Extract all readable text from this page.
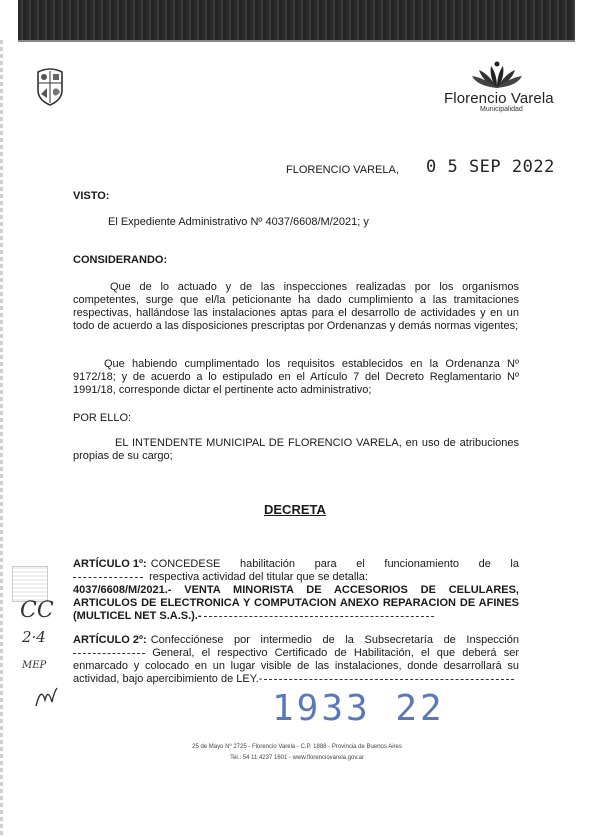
Florencio Varela
Municipalidad
FLORENCIO VARELA, 0 5 SEP 2022
VISTO:
El Expediente Administrativo Nº 4037/6608/M/2021; y
CONSIDERANDO:
Que de lo actuado y de las inspecciones realizadas por los organismos competentes, surge que el/la peticionante ha dado cumplimiento a las tramitaciones respectivas, hallándose las instalaciones aptas para el desarrollo de actividades y en un todo de acuerdo a las disposiciones prescriptas por Ordenanzas y demás normas vigentes;
Que habiendo cumplimentado los requisitos establecidos en la Ordenanza Nº 9172/18; y de acuerdo a lo estipulado en el Artículo 7 del Decreto Reglamentario Nº 1991/18, corresponde dictar el pertinente acto administrativo;
POR ELLO:
EL INTENDENTE MUNICIPAL DE FLORENCIO VARELA, en uso de atribuciones propias de su cargo;
DECRETA
ARTÍCULO 1º: CONCEDESE habilitación para el funcionamiento de la
respectiva actividad del titular que se detalla:
4037/6608/M/2021.- VENTA MINORISTA DE ACCESORIOS DE CELULARES, ARTICULOS DE ELECTRONICA Y COMPUTACION ANEXO REPARACION DE AFINES (MULTICEL NET S.A.S.).-
ARTÍCULO 2º: Confecciónese por intermedio de la Subsecretaría de Inspección
General, el respectivo Certificado de Habilitación, el que deberá ser enmarcado y colocado en un lugar visible de las instalaciones, donde desarrollará su actividad, bajo apercibimiento de LEY.-
1933 22
CC
2·4
MEP
25 de Mayo Nº 2725 - Florencio Varela - C.P. 1888 - Provincia de Buenos Aires
Tel.: 54 11 4237 1601 - www.florenciovarela.gov.ar
